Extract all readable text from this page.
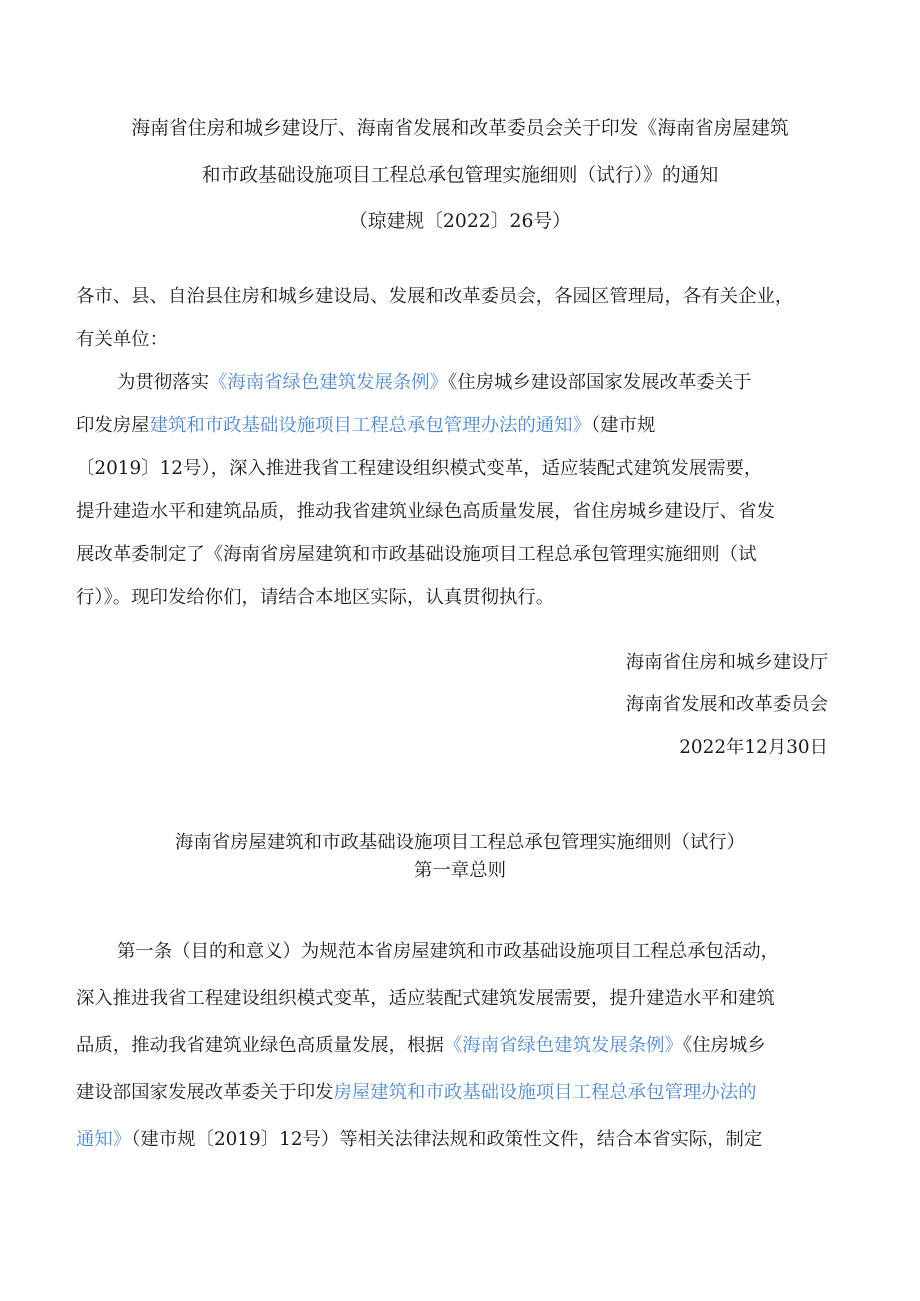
海南省住房和城乡建设厅、海南省发展和改革委员会关于印发《海南省房屋建筑
和市政基础设施项目工程总承包管理实施细则（试行）》的通知
（琼建规〔2022〕26号）
各市、县、自治县住房和城乡建设局、发展和改革委员会，各园区管理局，各有关企业，
有关单位：
为贯彻落实《海南省绿色建筑发展条例》《住房城乡建设部国家发展改革委关于
印发房屋建筑和市政基础设施项目工程总承包管理办法的通知》（建市规
〔2019〕12号），深入推进我省工程建设组织模式变革，适应装配式建筑发展需要，
提升建造水平和建筑品质，推动我省建筑业绿色高质量发展，省住房城乡建设厅、省发
展改革委制定了《海南省房屋建筑和市政基础设施项目工程总承包管理实施细则（试
行）》。现印发给你们，请结合本地区实际，认真贯彻执行。
海南省住房和城乡建设厅
海南省发展和改革委员会
2022年12月30日
海南省房屋建筑和市政基础设施项目工程总承包管理实施细则（试行）
第一章总则
第一条（目的和意义）为规范本省房屋建筑和市政基础设施项目工程总承包活动，
深入推进我省工程建设组织模式变革，适应装配式建筑发展需要，提升建造水平和建筑
品质，推动我省建筑业绿色高质量发展，根据《海南省绿色建筑发展条例》《住房城乡
建设部国家发展改革委关于印发房屋建筑和市政基础设施项目工程总承包管理办法的
通知》（建市规〔2019〕12号）等相关法律法规和政策性文件，结合本省实际，制定
